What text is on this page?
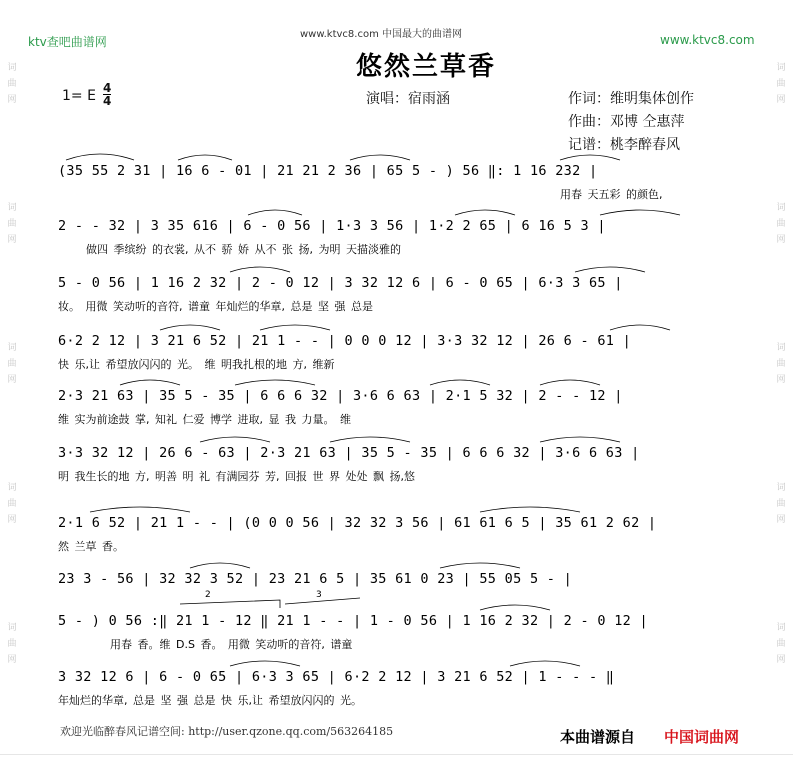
ktv查吧曲谱网
www.ktvc8.com 中国最大的曲谱网	www.ktvc8.com
悠然兰草香
1= E 4
4	演唱：宿雨涵	作词：维明集体创作
作曲：邓博 仝惠萍
记谱：桃李醉春风
(35 55 2 31 | 16 6 - 01 | 21 21 2 36 | 65 5 - ) 56 ‖: 1 16 232 |
用春 天五彩 的颜色,
2 - - 32 | 3 35 616 | 6 - 0 56 | 1·3 3 56 | 1·2 2 65 | 6 16 5 3 |
做四 季缤纷 的衣裳, 从不 骄 娇 从不 张 扬, 为明 天描淡雅的
5 - 0 56 | 1 16 2 32 | 2 - 0 12 | 3 32 12 6 | 6 - 0 65 | 6·3 3 65 |
妆。 用微 笑动听的音符, 谱童 年灿烂的华章, 总是 坚 强 总是
6·2 2 12 | 3 21 6 52 | 21 1 - - | 0 0 0 12 | 3·3 32 12 | 26 6 - 61 |
快 乐,让 希望放闪闪的 光。 维 明我扎根的地 方, 维新
2·3 21 63 | 35 5 - 35 | 6 6 6 32 | 3·6 6 63 | 2·1 5 32 | 2 - - 12 |
维 实为前途鼓 掌, 知礼 仁爱 博学 进取, 显 我 力量。 维
3·3 32 12 | 26 6 - 63 | 2·3 21 63 | 35 5 - 35 | 6 6 6 32 | 3·6 6 63 |
明 我生长的地 方, 明善 明 礼 有满园芬 芳, 回报 世 界 处处 飘 扬,悠
2·1 6 52 | 21 1 - - | (0 0 0 56 | 32 32 3 56 | 61 61 6 5 | 35 61 2 62 |
然 兰草 香。
23 3 - 56 | 32 32 3 52 | 23 21 6 5 | 35 61 0 23 | 55 05 5 - |
5 - ) 0 56 :‖ 21 1 - 12 ‖ 21 1 - - | 1 - 0 56 | 1 16 2 32 | 2 - 0 12 |
用春 香。维 D.S 香。 用微 笑动听的音符, 谱童
3 32 12 6 | 6 - 0 65 | 6·3 3 65 | 6·2 2 12 | 3 21 6 52 | 1 - - - ‖
年灿烂的华章, 总是 坚 强 总是 快 乐,让 希望放闪闪的 光。
2	3
词曲网
词曲网
词曲网
词曲网
词曲网
词曲网
词曲网
词曲网
词曲网
词曲网
欢迎光临醉春风记谱空间: http://user.qzone.qq.com/563264185	本曲谱源自 中国词曲网
